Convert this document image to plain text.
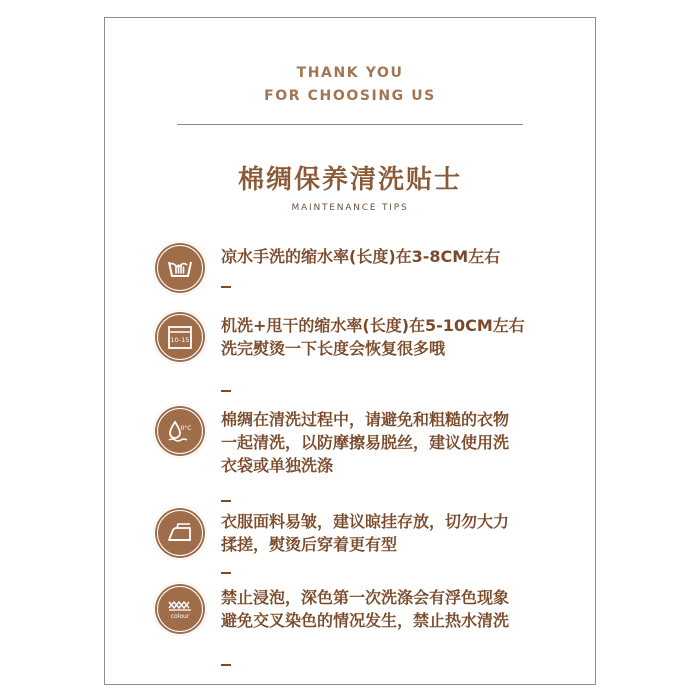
THANK YOU
FOR CHOOSING US
棉绸保养清洗贴士
MAINTENANCE TIPS
凉水手洗的缩水率(长度)在3-8CM左右
10-15
机洗+甩干的缩水率(长度)在5-10CM左右
洗完熨烫一下长度会恢复很多哦
0°C 棉绸在清洗过程中，请避免和粗糙的衣物
一起清洗，以防摩擦易脱丝，建议使用洗
衣袋或单独洗涤
衣服面料易皱，建议晾挂存放，切勿大力
揉搓，熨烫后穿着更有型
colour
禁止浸泡，深色第一次洗涤会有浮色现象
避免交叉染色的情况发生，禁止热水清洗
